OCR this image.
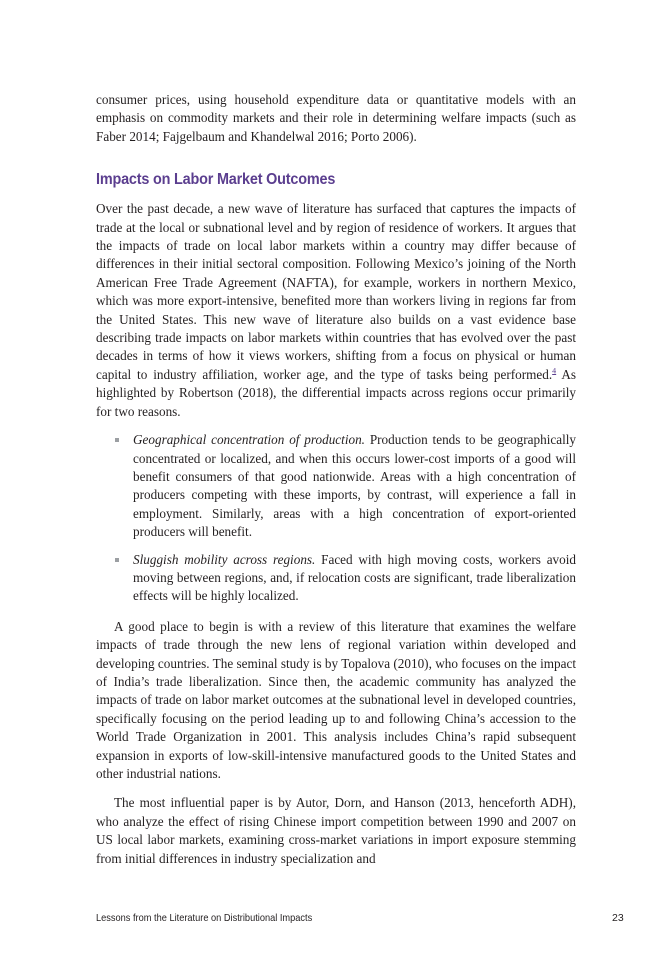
consumer prices, using household expenditure data or quantitative models with an emphasis on commodity markets and their role in determining welfare impacts (such as Faber 2014; Fajgelbaum and Khandelwal 2016; Porto 2006).

Impacts on Labor Market Outcomes

Over the past decade, a new wave of literature has surfaced that captures the impacts of trade at the local or subnational level and by region of residence of workers. It argues that the impacts of trade on local labor markets within a country may differ because of differences in their initial sectoral composition. Following Mexico’s joining of the North American Free Trade Agreement (NAFTA), for example, workers in northern Mexico, which was more export-intensive, benefited more than workers living in regions far from the United States. This new wave of literature also builds on a vast evidence base describing trade impacts on labor markets within countries that has evolved over the past decades in terms of how it views workers, shifting from a focus on physical or human capital to industry affiliation, worker age, and the type of tasks being performed.$^4$ As highlighted by Robertson (2018), the differential impacts across regions occur primarily for two reasons.

Geographical concentration of production. Production tends to be geographically concentrated or localized, and when this occurs lower-cost imports of a good will benefit consumers of that good nationwide. Areas with a high concentration of producers competing with these imports, by contrast, will experience a fall in employment. Similarly, areas with a high concentration of export-oriented producers will benefit.
Sluggish mobility across regions. Faced with high moving costs, workers avoid moving between regions, and, if relocation costs are significant, trade liberalization effects will be highly localized.

A good place to begin is with a review of this literature that examines the welfare impacts of trade through the new lens of regional variation within developed and developing countries. The seminal study is by Topalova (2010), who focuses on the impact of India’s trade liberalization. Since then, the academic community has analyzed the impacts of trade on labor market outcomes at the subnational level in developed countries, specifically focusing on the period leading up to and following China’s accession to the World Trade Organization in 2001. This analysis includes China’s rapid subsequent expansion in exports of low-skill-intensive manufactured goods to the United States and other industrial nations.

The most influential paper is by Autor, Dorn, and Hanson (2013, henceforth ADH), who analyze the effect of rising Chinese import competition between 1990 and 2007 on US local labor markets, examining cross-market variations in import exposure stemming from initial differences in industry specialization and

Lessons from the Literature on Distributional Impacts	23
